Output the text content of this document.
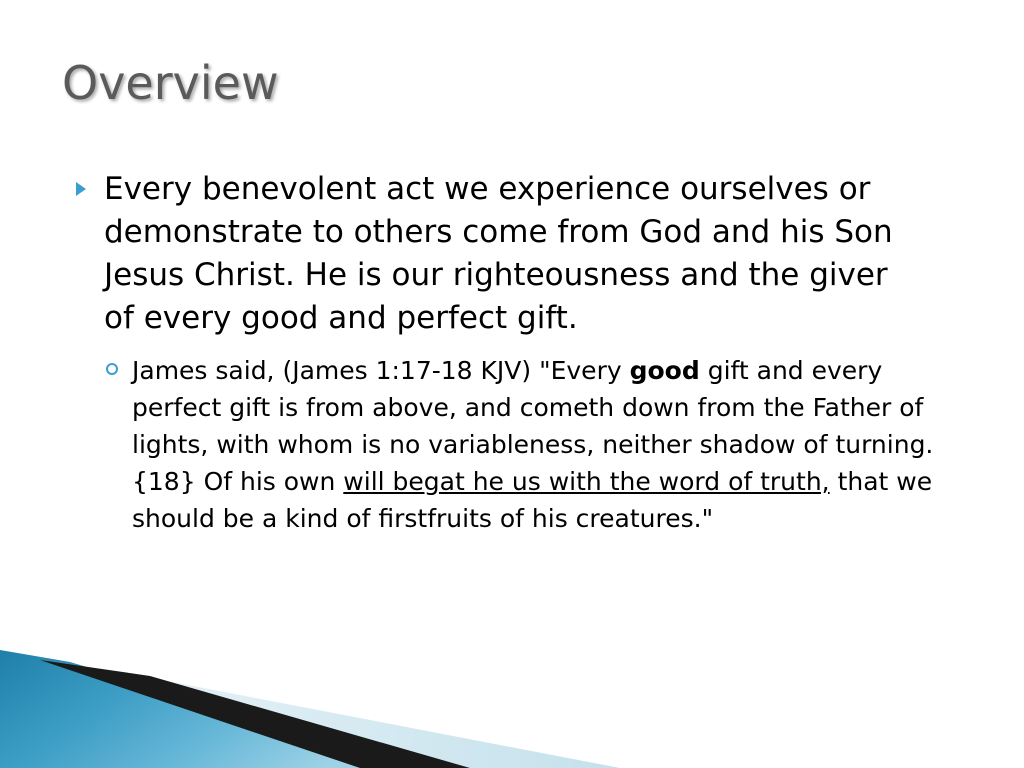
Overview

Every benevolent act we experience ourselves or demonstrate to others come from God and his Son Jesus Christ. He is our righteousness and the giver of every good and perfect gift.

James said, (James 1:17-18 KJV) "Every good gift and every perfect gift is from above, and cometh down from the Father of lights, with whom is no variableness, neither shadow of turning. {18} Of his own will begat he us with the word of truth, that we should be a kind of firstfruits of his creatures."
